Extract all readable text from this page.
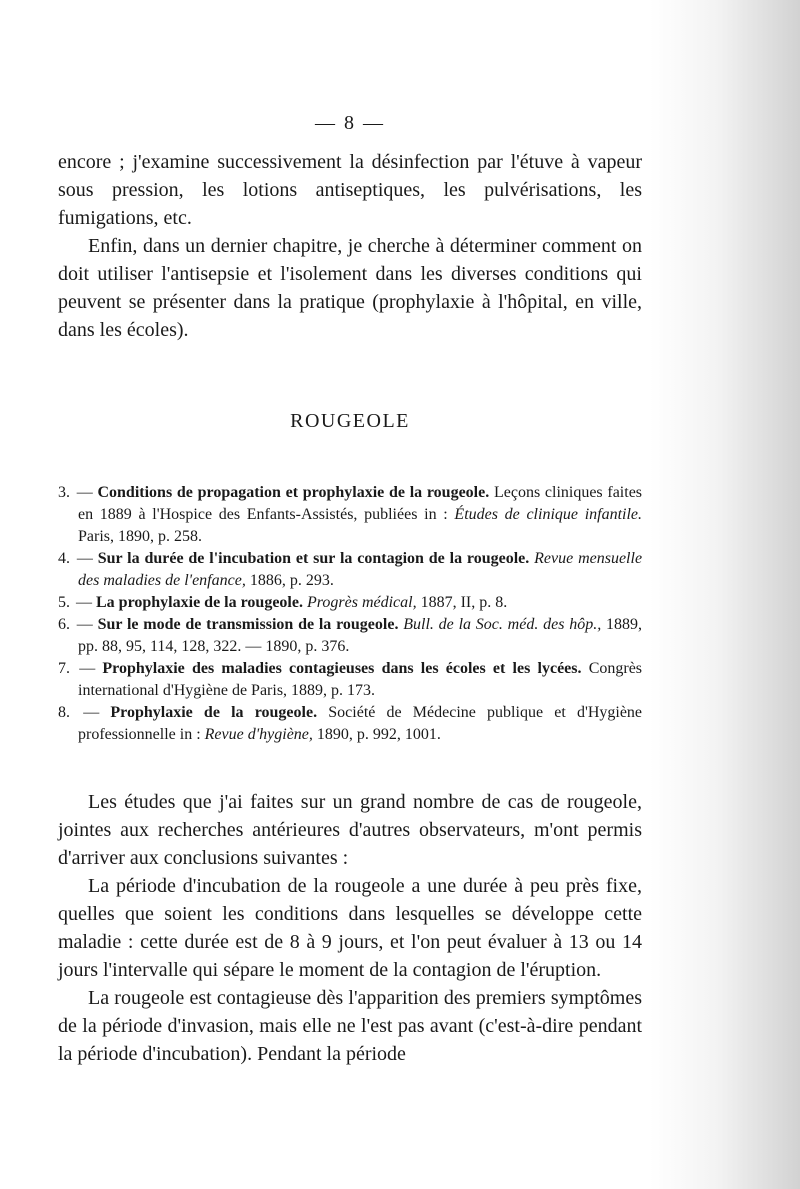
— 8 —

encore ; j'examine successivement la désinfection par l'étuve à vapeur sous pression, les lotions antiseptiques, les pulvérisations, les fumigations, etc.

Enfin, dans un dernier chapitre, je cherche à déterminer comment on doit utiliser l'antisepsie et l'isolement dans les diverses conditions qui peuvent se présenter dans la pratique (prophylaxie à l'hôpital, en ville, dans les écoles).

ROUGEOLE

3. — Conditions de propagation et prophylaxie de la rougeole. Leçons cliniques faites en 1889 à l'Hospice des Enfants-Assistés, publiées in : Études de clinique infantile. Paris, 1890, p. 258.

4. — Sur la durée de l'incubation et sur la contagion de la rougeole. Revue mensuelle des maladies de l'enfance, 1886, p. 293.

5. — La prophylaxie de la rougeole. Progrès médical, 1887, II, p. 8.

6. — Sur le mode de transmission de la rougeole. Bull. de la Soc. méd. des hôp., 1889, pp. 88, 95, 114, 128, 322. — 1890, p. 376.

7. — Prophylaxie des maladies contagieuses dans les écoles et les lycées. Congrès international d'Hygiène de Paris, 1889, p. 173.

8. — Prophylaxie de la rougeole. Société de Médecine publique et d'Hygiène professionnelle in : Revue d'hygiène, 1890, p. 992, 1001.

Les études que j'ai faites sur un grand nombre de cas de rougeole, jointes aux recherches antérieures d'autres observateurs, m'ont permis d'arriver aux conclusions suivantes :

La période d'incubation de la rougeole a une durée à peu près fixe, quelles que soient les conditions dans lesquelles se développe cette maladie : cette durée est de 8 à 9 jours, et l'on peut évaluer à 13 ou 14 jours l'intervalle qui sépare le moment de la contagion de l'éruption.

La rougeole est contagieuse dès l'apparition des premiers symptômes de la période d'invasion, mais elle ne l'est pas avant (c'est-à-dire pendant la période d'incubation). Pendant la période
